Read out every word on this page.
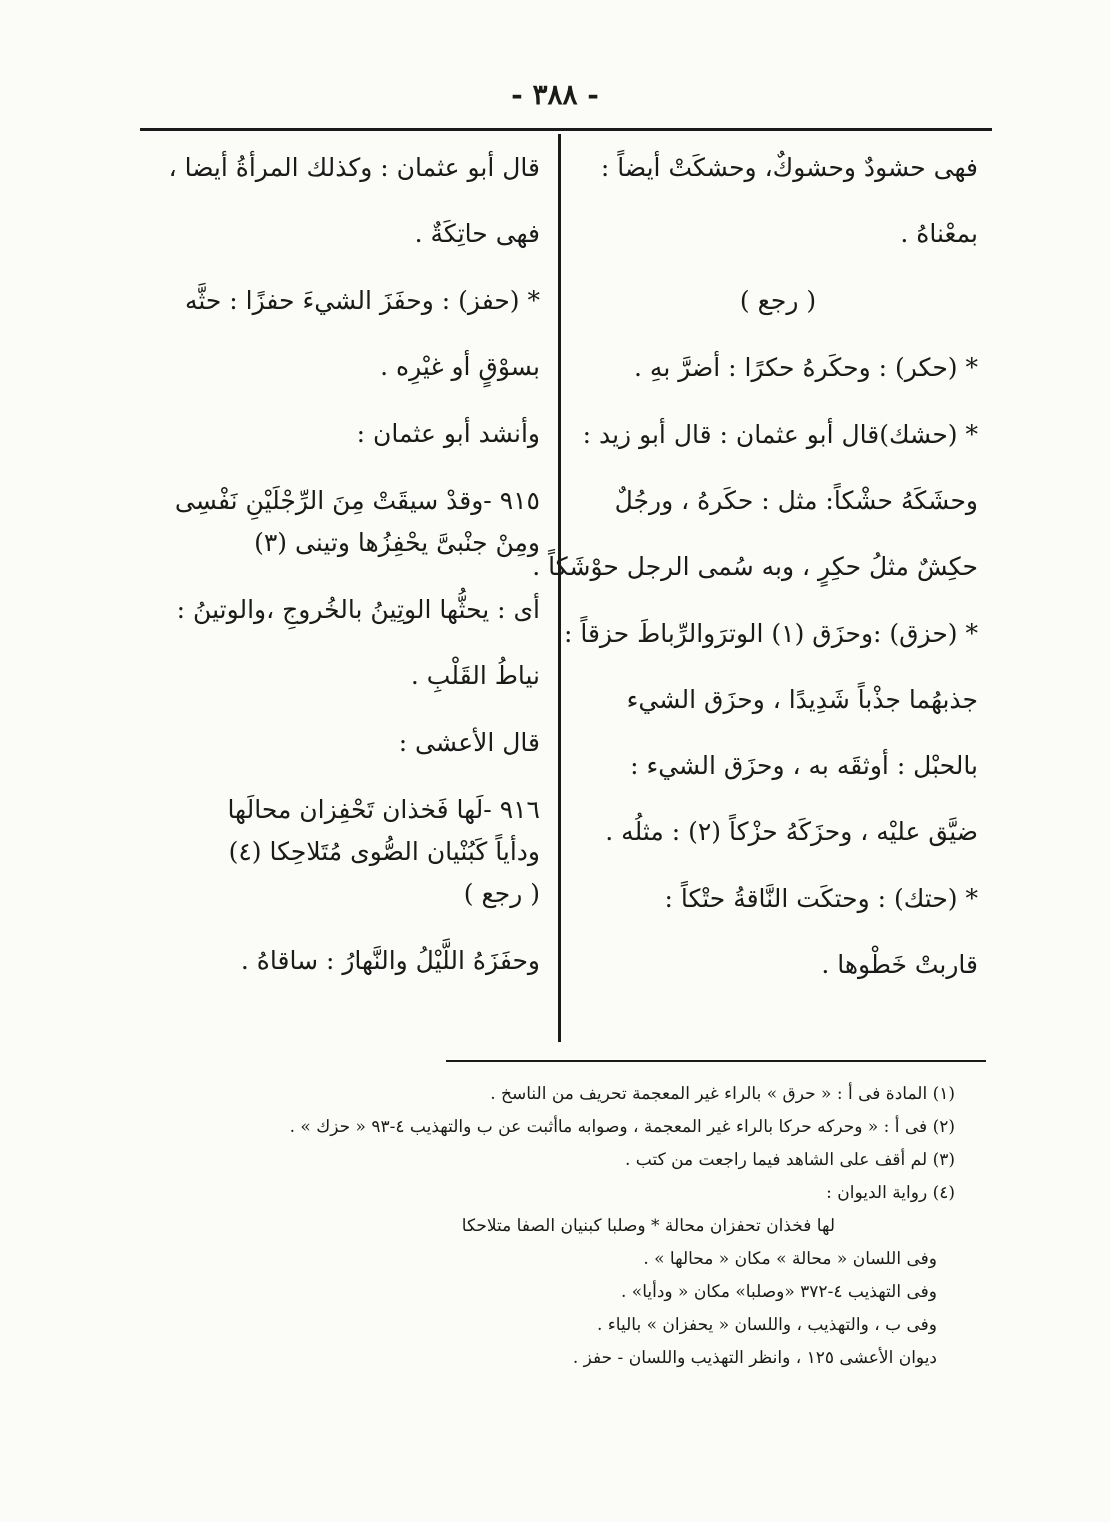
- ٣٨٨ -
فهى حشودٌ وحشوكٌ، وحشكَتْ أيضاً :
بمعْناهُ .
( رجع )
* (حكر) : وحكَرهُ حكرًا : أضرَّ بهِ .
* (حشك)قال أبو عثمان : قال أبو زيد :
وحشَكَهُ حشْكاً: مثل : حكَرهُ ، ورجُلٌ
حكِشٌ مثلُ حكِرٍ ، وبه سُمى الرجل حوْشَكاً .
* (حزق) :وحزَق (١) الوترَوالرِّباطَ حزقاً :
جذبهُما جذْباً شَدِيدًا ، وحزَق الشيء
بالحبْل : أوثقَه به ، وحزَق الشيء :
ضيَّق عليْه ، وحزَكَهُ حزْكاً (٢) : مثلُه .
* (حتك) : وحتكَت النَّاقةُ حتْكاً :
قاربتْ خَطْوها .
قال أبو عثمان : وكذلك المرأةُ أيضا ،
فهى حاتِكَةٌ .
* (حفز) : وحفَزَ الشيءَ حفزًا : حثَّه
بسوْقٍ أو غيْرِه .
وأنشد أبو عثمان :
٩١٥ -وقدْ سيقَتْ مِنَ الرِّجْلَيْنِ نَفْسِى
ومِنْ جنْبىَّ يحْفِزُها وتينى (٣)
أى : يحثُّها الوتِينُ بالخُروجِ ،والوتينُ :
نياطُ القَلْبِ .
قال الأعشى :
٩١٦ -لَها فَخذان تَحْفِزان محالَها
ودأياً كَبُنْيان الصُّوى مُتَلاحِكا (٤)
( رجع )
وحفَزَهُ اللَّيْلُ والنَّهارُ : ساقاهُ .
(١) المادة فى أ : « حرق » بالراء غير المعجمة تحريف من الناسخ .
(٢) فى أ : « وحرکه حرکا بالراء غير المعجمة ، وصوابه ماأثبت عن ب والتهذيب ٤-٩٣ « حزك » .
(٣) لم أقف على الشاهد فيما راجعت من كتب .
(٤) رواية الديوان :
لها فخذان تحفزان محالة * وصلبا كبنيان الصفا متلاحكا
وفى اللسان « محالة » مكان « محالها » .
وفى التهذيب ٤-٣٧٢ «وصلبا» مكان « ودأيا» .
وفى ب ، والتهذيب ، واللسان « يحفزان » بالياء .
ديوان الأعشى ١٢٥ ، وانظر التهذيب واللسان - حفز .
